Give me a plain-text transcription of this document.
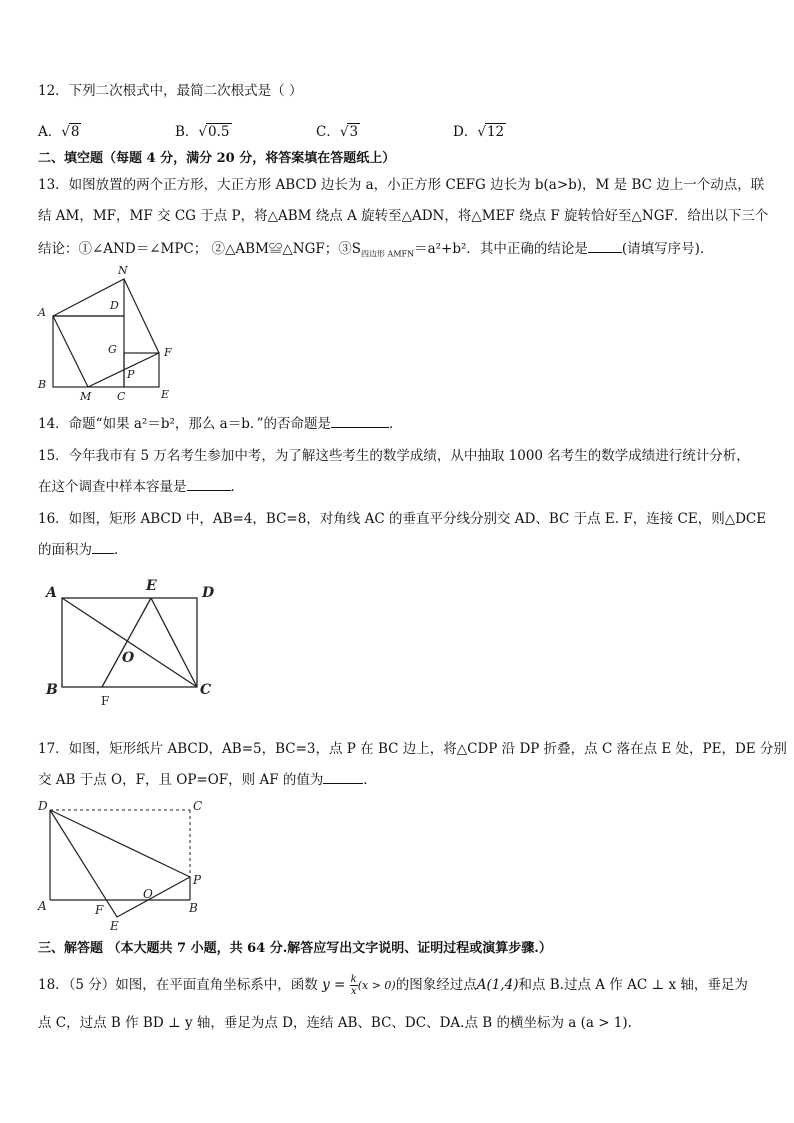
12．下列二次根式中，最简二次根式是（ ）
A．√8	B．√0.5	C．√3	D．√12
二、填空题（每题 4 分，满分 20 分，将答案填在答题纸上）
13．如图放置的两个正方形，大正方形 ABCD 边长为 a，小正方形 CEFG 边长为 b(a>b)，M 是 BC 边上一个动点，联
结 AM，MF，MF 交 CG 于点 P，将△ABM 绕点 A 旋转至△ADN，将△MEF 绕点 F 旋转恰好至△NGF．给出以下三个
结论：①∠AND＝∠MPC； ②△ABM≌△NGF；$③S_{四边形 AMFN}=a^2+b^2$．其中正确的结论是	(请填写序号)．
N
A
D
G	F
P
B
M C	E
14．命题“如果 a²＝b²，那么 a＝b．”的否命题是	．
15．今年我市有 5 万名考生参加中考，为了解这些考生的数学成绩，从中抽取 1000 名考生的数学成绩进行统计分析，
在这个调查中样本容量是	．
16．如图，矩形 ABCD 中，AB=4，BC=8，对角线 AC 的垂直平分线分别交 AD、BC 于点 E. F，连接 CE，则△DCE
的面积为 ．
A	E	D
O
B	C
F
17．如图，矩形纸片 ABCD，AB=5，BC=3，点 P 在 BC 边上，将△CDP 沿 DP 折叠，点 C 落在点 E 处，PE，DE 分别
交 AB 于点 O，F，且 OP=OF，则 AF 的值为	．
D	C
O
P
A	F	B
E
三、解答题 （本大题共 7 小题，共 64 分.解答应写出文字说明、证明过程或演算步骤.）
18．（5 分）如图，在平面直角坐标系中，函数 $y = \frac{k}{x} (x > 0)$的图象经过点A(1,4)和点 B.过点 A 作 AC ⊥ x 轴，垂足为
点 C，过点 B 作 BD ⊥ y 轴，垂足为点 D，连结 AB、BC、DC、DA.点 B 的横坐标为 a (a > 1).
